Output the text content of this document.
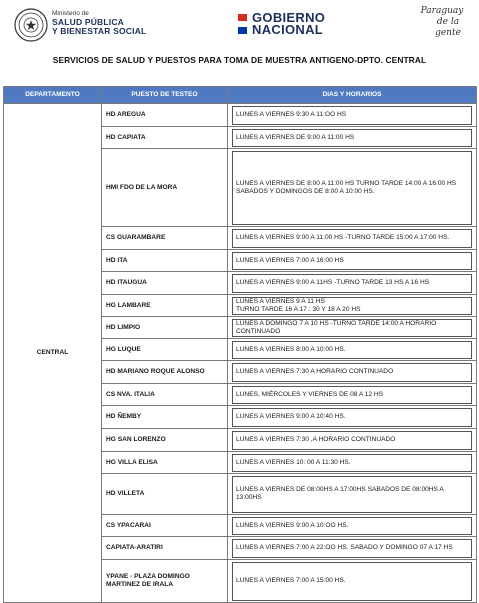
Ministerio de
SALUD PÚBLICA
Y BIENESTAR SOCIAL
GOBIERNO
NACIONAL
Paraguay
de la gente
SERVICIOS DE SALUD Y PUESTOS PARA TOMA DE MUESTRA ANTIGENO-DPTO. CENTRAL
DEPARTAMENTO	PUESTO DE TESTEO	DIAS Y HORARIOS
CENTRAL	HD AREGUA	LUNES A VIERNES 9:30 A 11:OO HS

	HD CAPIATA	LUNES A VIERNES DE 9:00 A 11:00 HS

	HMI FDO DE LA MORA	LUNES A VIERNES DE 8:00 A 11:00 HS TURNO TARDE 14:00 A 16:00 HS
SABADOS Y DOMINGOS DE 8:00 A 10:00 HS.

	CS GUARAMBARE	LUNES A VIERNES 9:00 A 11:00 HS -TURNO TARDE 15:00 A 17:00 HS.

	HD ITA	LUNES A VIERNES 7:00 A 16:00 HS

	HD ITAUGUA	LUNES A VIERNES 9:00 A 11HS -TURNO TARDE 13 HS A 16 HS

	HG LAMBARE	LUNES A VIERNES 9 A 11 HS
TURNO TARDE 16 A 17 : 30 Y 18 A 20 HS

	HD LIMPIO	LUNES A DOMINGO 7 A 10 HS -TURNO TARDE 14:00 A HORARIO CONTINUADO

	HG LUQUE	LUNES A VIERNES 8:00 A 10:00 HS.

	HD MARIANO ROQUE ALONSO	LUNES A VIERNES 7:30 A HORARIO CONTINUADO

	CS NVA. ITALIA	LUNES, MIÉRCOLES Y VIERNES DE 08 A 12 HS

	HD ÑEMBY	LUNES A VIERNES 9:00 A 10:40 HS.

	HG SAN LORENZO	LUNES A VIERNES 7:30 ,A HORARIO CONTINUADO

	HG VILLA ELISA	LUNES A VIERNES 10: 00 A 11:30 HS.

	HD VILLETA	LUNES A VIERNES DE 08:00HS A 17:00HS SABADOS DE 08:00HS A 13:00HS

	CS YPACARAI	LUNES A VIERNES 9:00 A 10:OO HS.

	CAPIATA-ARATIRI	LUNES A VIERNES 7:00 A 22:OO HS. SABADO Y DOMINGO 07 A 17 HS

	YPANE - PLAZA DOMINGO MARTINEZ DE IRALA	LUNES A VIERNES 7:00 A 15:00 HS.
